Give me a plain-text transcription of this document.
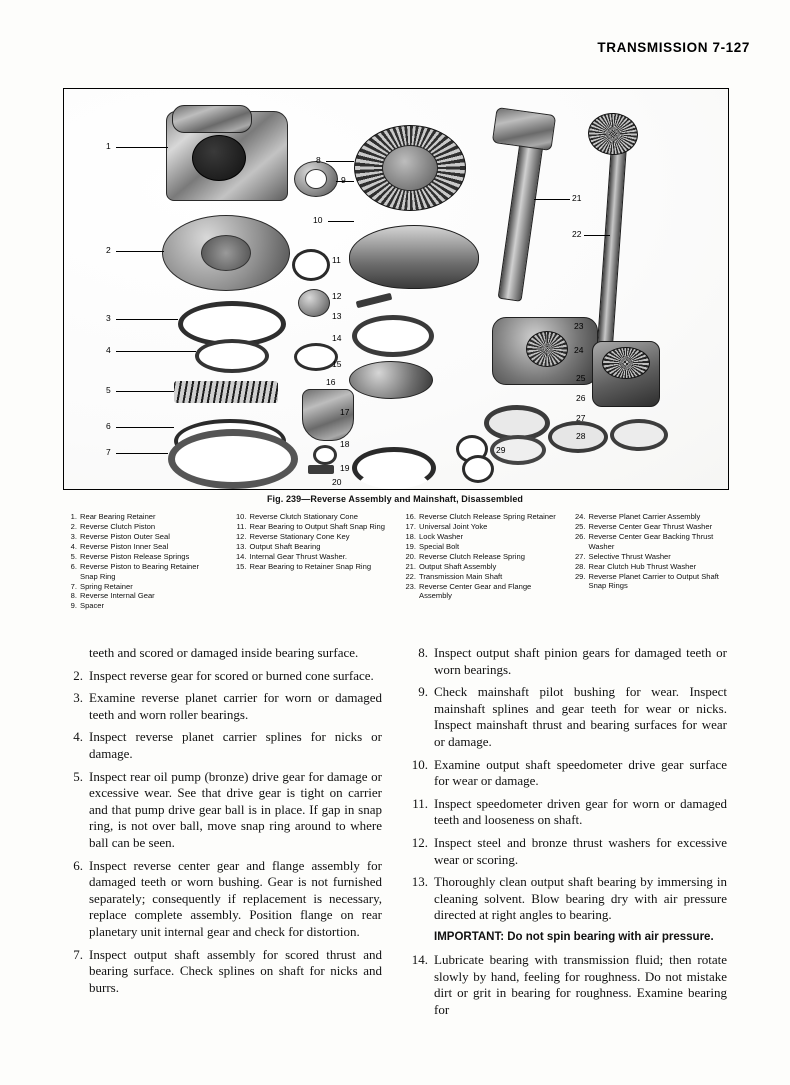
TRANSMISSION 7-127
1
2
3
4
5
6
7
8
9
10
11
12
13
14
15
16
17
18
19
20
21
22
23
24
25
26
27
28
29
Fig. 239—Reverse Assembly and Mainshaft, Disassembled
1. Rear Bearing Retainer
2. Reverse Clutch Piston
3. Reverse Piston Outer Seal
4. Reverse Piston Inner Seal
5. Reverse Piston Release Springs
6. Reverse Piston to Bearing Retainer Snap Ring
7. Spring Retainer
8. Reverse Internal Gear
9. Spacer
10. Reverse Clutch Stationary Cone
11. Rear Bearing to Output Shaft Snap Ring
12. Reverse Stationary Cone Key
13. Output Shaft Bearing
14. Internal Gear Thrust Washer.
15. Rear Bearing to Retainer Snap Ring
16. Reverse Clutch Release Spring Retainer
17. Universal Joint Yoke
18. Lock Washer
19. Special Bolt
20. Reverse Clutch Release Spring
21. Output Shaft Assembly
22. Transmission Main Shaft
23. Reverse Center Gear and Flange Assembly
24. Reverse Planet Carrier Assembly
25. Reverse Center Gear Thrust Washer
26. Reverse Center Gear Backing Thrust Washer
27. Selective Thrust Washer
28. Rear Clutch Hub Thrust Washer
29. Reverse Planet Carrier to Output Shaft Snap Rings

teeth and scored or damaged inside bearing surface.

2. Inspect reverse gear for scored or burned cone surface.
3. Examine reverse planet carrier for worn or damaged teeth and worn roller bearings.
4. Inspect reverse planet carrier splines for nicks or damage.
5. Inspect rear oil pump (bronze) drive gear for damage or excessive wear. See that drive gear is tight on carrier and that pump drive gear ball is in place. If gap in snap ring, is not over ball, move snap ring around to where ball can be seen.
6. Inspect reverse center gear and flange assembly for damaged teeth or worn bushing. Gear is not furnished separately; consequently if replacement is necessary, replace complete assembly. Position flange on rear planetary unit internal gear and check for distortion.
7. Inspect output shaft assembly for scored thrust and bearing surface. Check splines on shaft for nicks and burrs.
8. Inspect output shaft pinion gears for damaged teeth or worn bearings.
9. Check mainshaft pilot bushing for wear. Inspect mainshaft splines and gear teeth for wear or nicks. Inspect mainshaft thrust and bearing surfaces for wear or damage.
10. Examine output shaft speedometer drive gear surface for wear or damage.
11. Inspect speedometer driven gear for worn or damaged teeth and looseness on shaft.
12. Inspect steel and bronze thrust washers for excessive wear or scoring.
13. Thoroughly clean output shaft bearing by immersing in cleaning solvent. Blow bearing dry with air pressure directed at right angles to bearing.

IMPORTANT: Do not spin bearing with air pressure.

14. Lubricate bearing with transmission fluid; then rotate slowly by hand, feeling for roughness. Do not mistake dirt or grit in bearing for roughness. Examine bearing for
